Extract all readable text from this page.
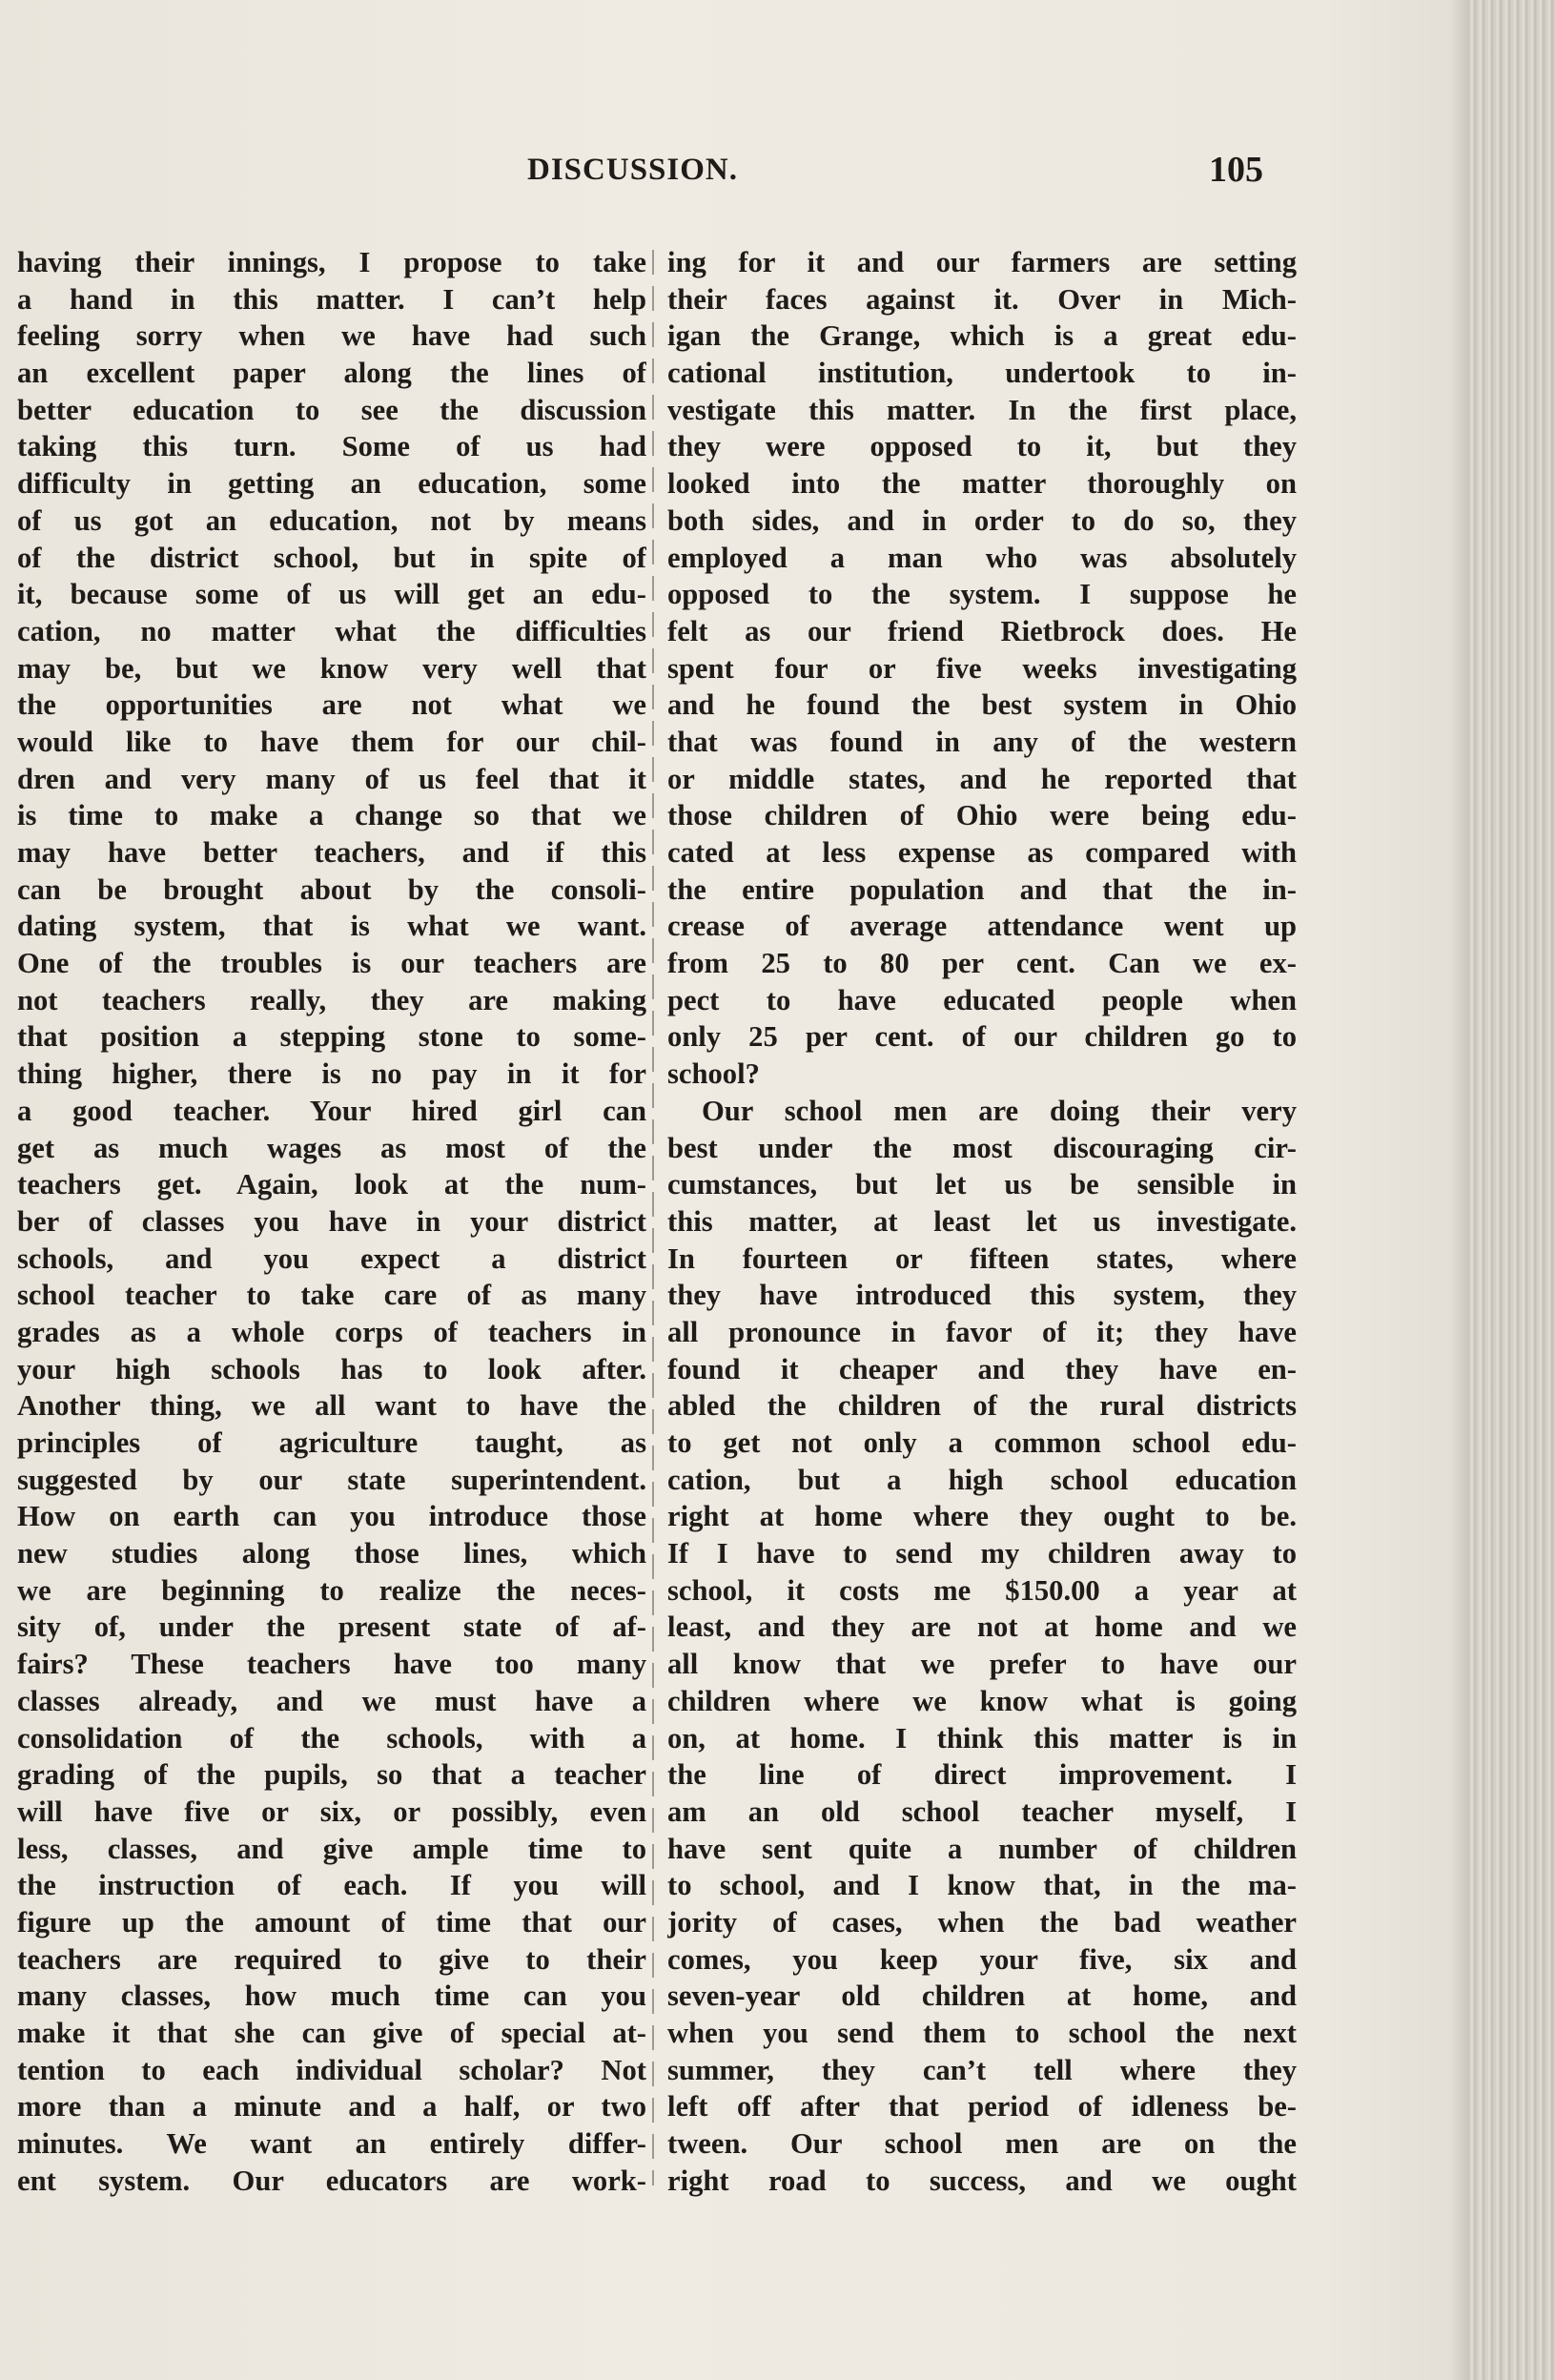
DISCUSSION.	105
having their innings, I propose to take
a hand in this matter. I can’t help
feeling sorry when we have had such
an excellent paper along the lines of
better education to see the discussion
taking this turn. Some of us had
difficulty in getting an education, some
of us got an education, not by means
of the district school, but in spite of
it, because some of us will get an edu-
cation, no matter what the difficulties
may be, but we know very well that
the opportunities are not what we
would like to have them for our chil-
dren and very many of us feel that it
is time to make a change so that we
may have better teachers, and if this
can be brought about by the consoli-
dating system, that is what we want.
One of the troubles is our teachers are
not teachers really, they are making
that position a stepping stone to some-
thing higher, there is no pay in it for
a good teacher. Your hired girl can
get as much wages as most of the
teachers get. Again, look at the num-
ber of classes you have in your district
schools, and you expect a district
school teacher to take care of as many
grades as a whole corps of teachers in
your high schools has to look after.
Another thing, we all want to have the
principles of agriculture taught, as
suggested by our state superintendent.
How on earth can you introduce those
new studies along those lines, which
we are beginning to realize the neces-
sity of, under the present state of af-
fairs? These teachers have too many
classes already, and we must have a
consolidation of the schools, with a
grading of the pupils, so that a teacher
will have five or six, or possibly, even
less, classes, and give ample time to
the instruction of each. If you will
figure up the amount of time that our
teachers are required to give to their
many classes, how much time can you
make it that she can give of special at-
tention to each individual scholar? Not
more than a minute and a half, or two
minutes. We want an entirely differ-
ent system. Our educators are work-
ing for it and our farmers are setting
their faces against it. Over in Mich-
igan the Grange, which is a great edu-
cational institution, undertook to in-
vestigate this matter. In the first place,
they were opposed to it, but they
looked into the matter thoroughly on
both sides, and in order to do so, they
employed a man who was absolutely
opposed to the system. I suppose he
felt as our friend Rietbrock does. He
spent four or five weeks investigating
and he found the best system in Ohio
that was found in any of the western
or middle states, and he reported that
those children of Ohio were being edu-
cated at less expense as compared with
the entire population and that the in-
crease of average attendance went up
from 25 to 80 per cent. Can we ex-
pect to have educated people when
only 25 per cent. of our children go to
school?
Our school men are doing their very
best under the most discouraging cir-
cumstances, but let us be sensible in
this matter, at least let us investigate.
In fourteen or fifteen states, where
they have introduced this system, they
all pronounce in favor of it; they have
found it cheaper and they have en-
abled the children of the rural districts
to get not only a common school edu-
cation, but a high school education
right at home where they ought to be.
If I have to send my children away to
school, it costs me $150.00 a year at
least, and they are not at home and we
all know that we prefer to have our
children where we know what is going
on, at home. I think this matter is in
the line of direct improvement. I
am an old school teacher myself, I
have sent quite a number of children
to school, and I know that, in the ma-
jority of cases, when the bad weather
comes, you keep your five, six and
seven-year old children at home, and
when you send them to school the next
summer, they can’t tell where they
left off after that period of idleness be-
tween. Our school men are on the
right road to success, and we ought
